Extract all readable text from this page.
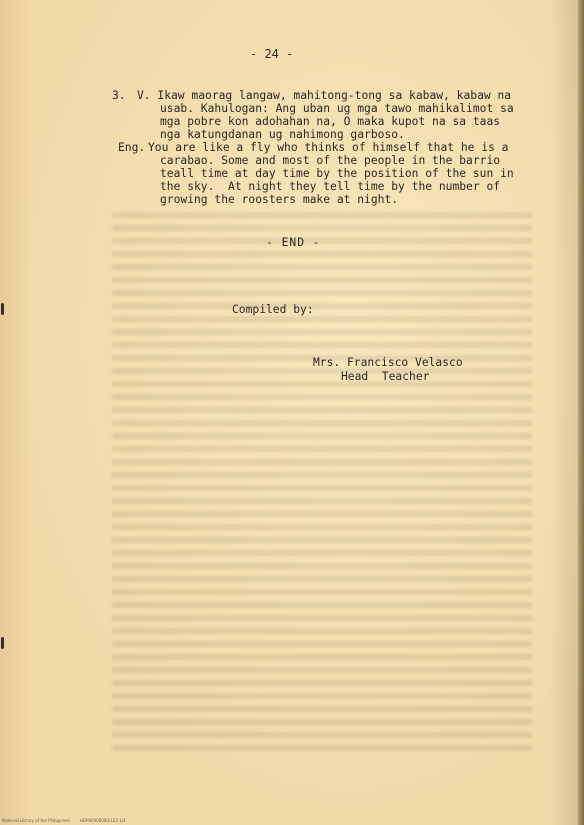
- 24 -
3. V. Ikaw maorag langaw, mahitong-tong sa kabaw, kabaw na
usab. Kahulogan: Ang uban ug mga tawo mahikalimot sa
mga pobre kon adohahan na, O maka kupot na sa taas
nga katungdanan ug nahimong garboso.
Eng. You are like a fly who thinks of himself that he is a
carabao. Some and most of the people in the barrio
teall time at day time by the position of the sun in
the sky.  At night they tell time by the number of
growing the roosters make at night.
- END -
Compiled by:
Mrs. Francisco Velasco
Head  Teacher
National Library of the Philippines	HDPS0000000/123 1/4
